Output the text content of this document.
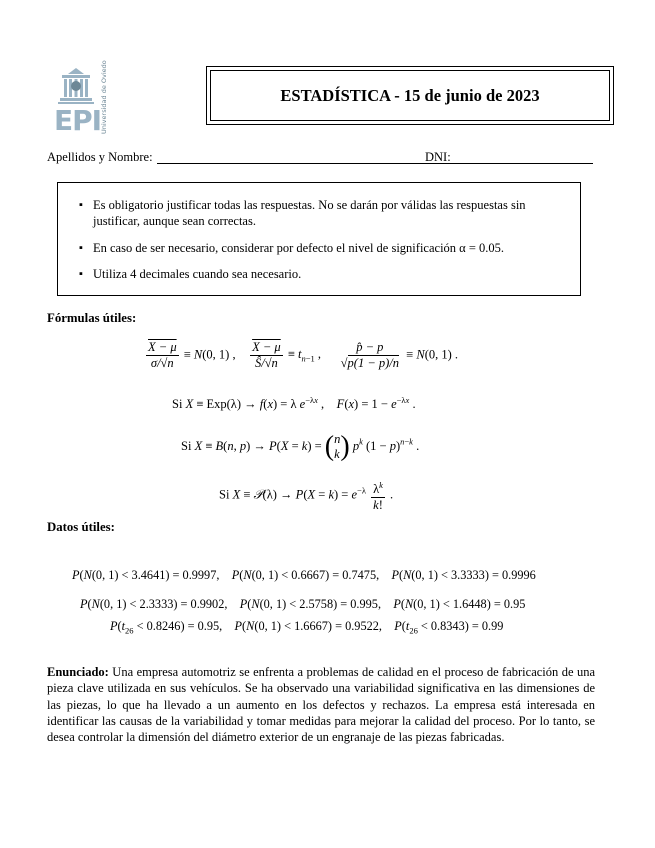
EPI
Universidad de Oviedo	ESTADÍSTICA - 15 de junio de 2023
Apellidos y Nombre:	DNI:
▪ Es obligatorio justificar todas las respuestas. No se darán por válidas las respuestas sin
justificar, aunque sean correctas.
▪ En caso de ser necesario, considerar por defecto el nivel de significación α = 0.05.
▪ Utiliza 4 decimales cuando sea necesario.
Fórmulas útiles:
$\frac{X - \mu}{\sigma/√n} \equiv N(0$, 1) , $\frac{X - \mu}{Ŝ/√n} \equiv t_{n-1}$ , $\frac{p̂ - p}{√p(1 - p)/n} \equiv N(0$, 1) .
Si X ≡ Exp(λ) → f(x) = λ $e^{-\lambda x}$ ,    $F(x) = 1 - e^{-\lambda x}$ .
Si X ≡ B(n, p) → P(X = k) = ( n
k ) $p^k$ $(1 - p)^{n-k}$ .
Si X ≡ 𝒫(λ) → $P(X = k) = e^{-\lambda} \frac{\lambda^k}{k!}$ .
Datos útiles:
P(N(0, 1) < 3.4641) = 0.9997,    P(N(0, 1) < 0.6667) = 0.7475,    P(N(0, 1) < 3.3333) = 0.9996
P(N(0, 1) < 2.3333) = 0.9902,    P(N(0, 1) < 2.5758) = 0.995,    P(N(0, 1) < 1.6448) = 0.95
$P(t_{26} < 0.8246) = 0.95$,    P(N(0, 1) < 1.6667) = 0.9522,    $P(t_{26} < 0.8343) = 0.99$
Enunciado: Una empresa automotriz se enfrenta a problemas de calidad en el proceso de fabricación de una pieza clave utilizada en sus vehículos. Se ha observado una variabilidad significativa en las dimensiones de las piezas, lo que ha llevado a un aumento en los defectos y rechazos. La empresa está interesada en identificar las causas de la variabilidad y tomar medidas para mejorar la calidad del proceso. Por lo tanto, se desea controlar la dimensión del diámetro exterior de un engranaje de las piezas fabricadas.
